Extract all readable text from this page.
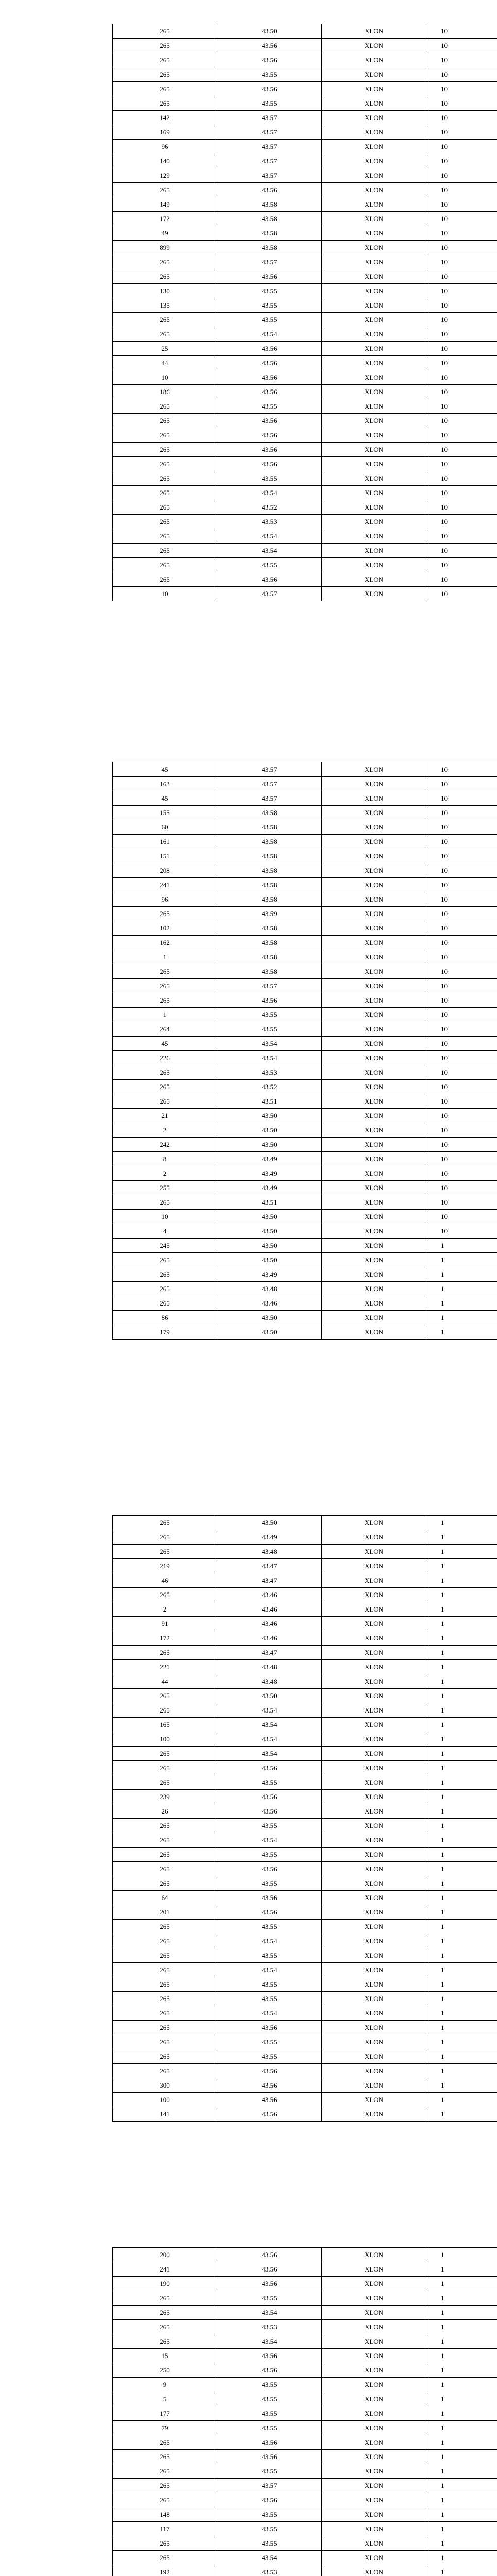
265	43.50	XLON	10
265	43.56	XLON	10
265	43.56	XLON	10
265	43.55	XLON	10
265	43.56	XLON	10
265	43.55	XLON	10
142	43.57	XLON	10
169	43.57	XLON	10
96	43.57	XLON	10
140	43.57	XLON	10
129	43.57	XLON	10
265	43.56	XLON	10
149	43.58	XLON	10
172	43.58	XLON	10
49	43.58	XLON	10
899	43.58	XLON	10
265	43.57	XLON	10
265	43.56	XLON	10
130	43.55	XLON	10
135	43.55	XLON	10
265	43.55	XLON	10
265	43.54	XLON	10
25	43.56	XLON	10
44	43.56	XLON	10
10	43.56	XLON	10
186	43.56	XLON	10
265	43.55	XLON	10
265	43.56	XLON	10
265	43.56	XLON	10
265	43.56	XLON	10
265	43.56	XLON	10
265	43.55	XLON	10
265	43.54	XLON	10
265	43.52	XLON	10
265	43.53	XLON	10
265	43.54	XLON	10
265	43.54	XLON	10
265	43.55	XLON	10
265	43.56	XLON	10
10	43.57	XLON	10
45	43.57	XLON	10
163	43.57	XLON	10
45	43.57	XLON	10
155	43.58	XLON	10
60	43.58	XLON	10
161	43.58	XLON	10
151	43.58	XLON	10
208	43.58	XLON	10
241	43.58	XLON	10
96	43.58	XLON	10
265	43.59	XLON	10
102	43.58	XLON	10
162	43.58	XLON	10
1	43.58	XLON	10
265	43.58	XLON	10
265	43.57	XLON	10
265	43.56	XLON	10
1	43.55	XLON	10
264	43.55	XLON	10
45	43.54	XLON	10
226	43.54	XLON	10
265	43.53	XLON	10
265	43.52	XLON	10
265	43.51	XLON	10
21	43.50	XLON	10
2	43.50	XLON	10
242	43.50	XLON	10
8	43.49	XLON	10
2	43.49	XLON	10
255	43.49	XLON	10
265	43.51	XLON	10
10	43.50	XLON	10
4	43.50	XLON	10
245	43.50	XLON	1
265	43.50	XLON	1
265	43.49	XLON	1
265	43.48	XLON	1
265	43.46	XLON	1
86	43.50	XLON	1
179	43.50	XLON	1
265	43.50	XLON	1
265	43.49	XLON	1
265	43.48	XLON	1
219	43.47	XLON	1
46	43.47	XLON	1
265	43.46	XLON	1
2	43.46	XLON	1
91	43.46	XLON	1
172	43.46	XLON	1
265	43.47	XLON	1
221	43.48	XLON	1
44	43.48	XLON	1
265	43.50	XLON	1
265	43.54	XLON	1
165	43.54	XLON	1
100	43.54	XLON	1
265	43.54	XLON	1
265	43.56	XLON	1
265	43.55	XLON	1
239	43.56	XLON	1
26	43.56	XLON	1
265	43.55	XLON	1
265	43.54	XLON	1
265	43.55	XLON	1
265	43.56	XLON	1
265	43.55	XLON	1
64	43.56	XLON	1
201	43.56	XLON	1
265	43.55	XLON	1
265	43.54	XLON	1
265	43.55	XLON	1
265	43.54	XLON	1
265	43.55	XLON	1
265	43.55	XLON	1
265	43.54	XLON	1
265	43.56	XLON	1
265	43.55	XLON	1
265	43.55	XLON	1
265	43.56	XLON	1
300	43.56	XLON	1
100	43.56	XLON	1
141	43.56	XLON	1
200	43.56	XLON	1
241	43.56	XLON	1
190	43.56	XLON	1
265	43.55	XLON	1
265	43.54	XLON	1
265	43.53	XLON	1
265	43.54	XLON	1
15	43.56	XLON	1
250	43.56	XLON	1
9	43.55	XLON	1
5	43.55	XLON	1
177	43.55	XLON	1
79	43.55	XLON	1
265	43.56	XLON	1
265	43.56	XLON	1
265	43.55	XLON	1
265	43.57	XLON	1
265	43.56	XLON	1
148	43.55	XLON	1
117	43.55	XLON	1
265	43.55	XLON	1
265	43.54	XLON	1
192	43.53	XLON	1
